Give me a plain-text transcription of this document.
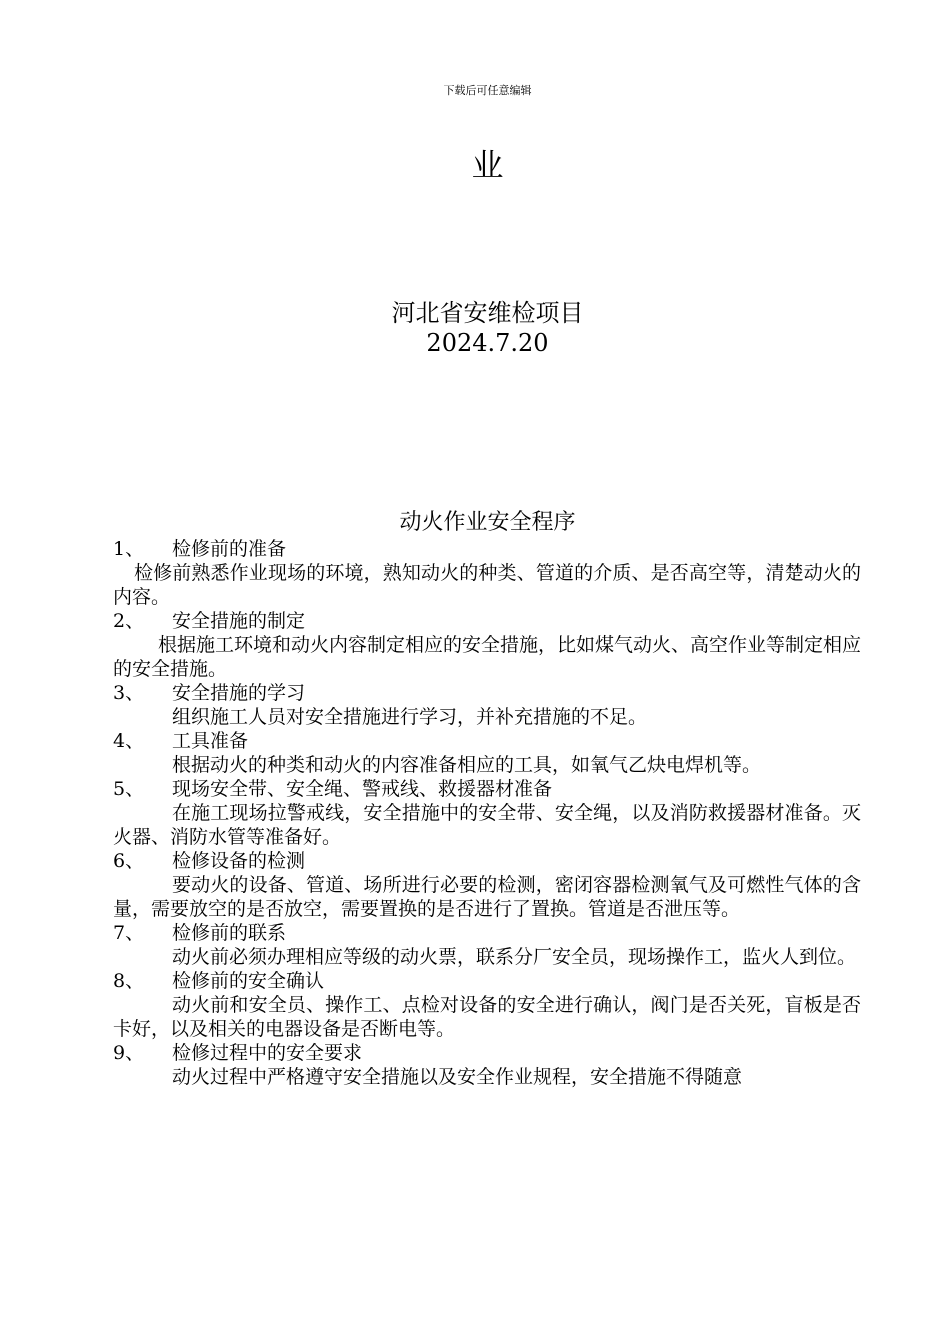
下载后可任意编辑
业
河北省安维检项目
2024.7.20
动火作业安全程序
1、	检修前的准备
检修前熟悉作业现场的环境，熟知动火的种类、管道的介质、是否高空等，清楚动火的内容。
2、	安全措施的制定
根据施工环境和动火内容制定相应的安全措施，比如煤气动火、高空作业等制定相应的安全措施。
3、	安全措施的学习
组织施工人员对安全措施进行学习，并补充措施的不足。
4、	工具准备
根据动火的种类和动火的内容准备相应的工具，如氧气乙炔电焊机等。
5、	现场安全带、安全绳、警戒线、救援器材准备
在施工现场拉警戒线，安全措施中的安全带、安全绳，以及消防救援器材准备。灭火器、消防水管等准备好。
6、	检修设备的检测
要动火的设备、管道、场所进行必要的检测，密闭容器检测氧气及可燃性气体的含量，需要放空的是否放空，需要置换的是否进行了置换。管道是否泄压等。
7、	检修前的联系
动火前必须办理相应等级的动火票，联系分厂安全员，现场操作工，监火人到位。
8、	检修前的安全确认
动火前和安全员、操作工、点检对设备的安全进行确认，阀门是否关死，盲板是否卡好，以及相关的电器设备是否断电等。
9、	检修过程中的安全要求
动火过程中严格遵守安全措施以及安全作业规程，安全措施不得随意
